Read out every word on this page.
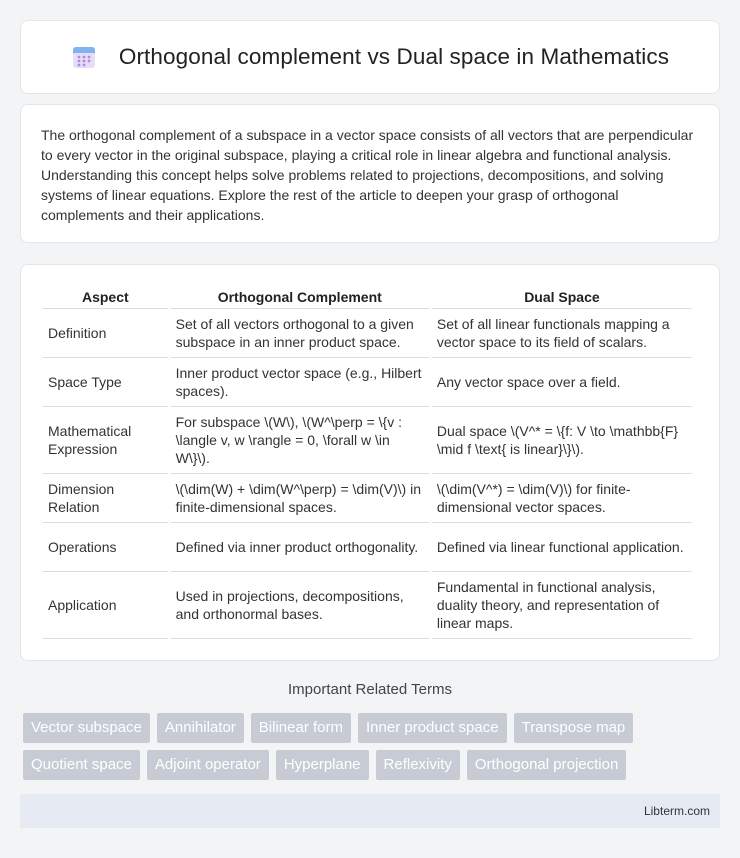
Orthogonal complement vs Dual space in Mathematics

The orthogonal complement of a subspace in a vector space consists of all vectors that are perpendicular to every vector in the original subspace, playing a critical role in linear algebra and functional analysis. Understanding this concept helps solve problems related to projections, decompositions, and solving systems of linear equations. Explore the rest of the article to deepen your grasp of orthogonal complements and their applications.

Aspect	Orthogonal Complement	Dual Space
Definition	Set of all vectors orthogonal to a given subspace in an inner product space.	Set of all linear functionals mapping a vector space to its field of scalars.
Space Type	Inner product vector space (e.g., Hilbert spaces).	Any vector space over a field.
Mathematical Expression	For subspace \(W\), \(W^\perp = \{v : \langle v, w \rangle = 0, \forall w \in W\}\).	Dual space \(V^* = \{f: V \to \mathbb{F} \mid f \text{ is linear}\}\).
Dimension Relation	\(\dim(W) + \dim(W^\perp) = \dim(V)\) in finite-dimensional spaces.	\(\dim(V^*) = \dim(V)\) for finite-dimensional vector spaces.
Operations	Defined via inner product orthogonality.	Defined via linear functional application.
Application	Used in projections, decompositions, and orthonormal bases.	Fundamental in functional analysis, duality theory, and representation of linear maps.
Important Related Terms
Vector subspace	Annihilator	Bilinear form	Inner product space	Transpose map
Quotient space	Adjoint operator	Hyperplane	Reflexivity	Orthogonal projection
Libterm.com
